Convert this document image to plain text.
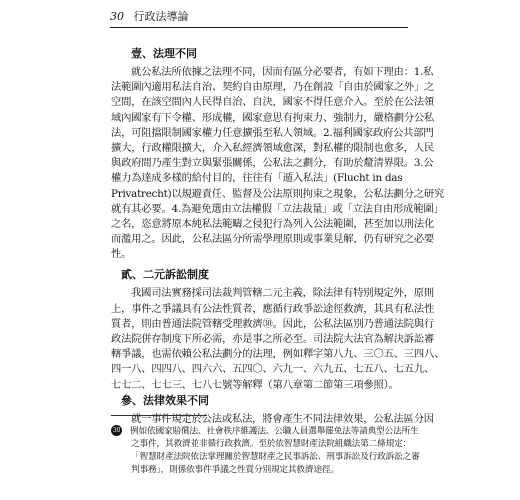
30 行政法導論
壹、法理不同
就公私法所依據之法理不同，因而有區分必要者，有如下理由：1.私
法範圍內適用私法自治、契約自由原理，乃在創設「自由於國家之外」之
空間，在該空間內人民得自治、自決，國家不得任意介入。至於在公法領
域內國家有下令權、形成權，國家意思有拘束力、強制力，嚴格劃分公私
法，可阻擋限制國家權力任意擴張至私人領域。2.福利國家政府公共部門
擴大，行政權限擴大，介入私經濟領域愈深，對私權的限制也愈多，人民
與政府間乃產生對立與緊張關係，公私法之劃分，有助於釐清界限。3.公
權力為達成多樣的給付目的，往往有「遁入私法」(Flucht in das
Privatrecht)以規避責任、監督及公法原則拘束之現象，公私法劃分之研究
就有其必要。4.為避免選由立法權假「立法裁量」或「立法自由形成範圍」
之名，恣意將原本純私法範疇之侵犯行為列入公法範圍，甚至加以刑法化
而濫用之。因此，公私法區分所需學理原則或事業見解，仍有研究之必要
性。
貳、二元訴訟制度
我國司法實務採司法裁判管轄二元主義，除法律有特別規定外，原則
上，事件之爭議具有公法性質者，應循行政爭訟途徑救濟，其具有私法性
質者，則由普通法院管轄受理救濟㉚。因此，公私法區別乃普通法院與行
政法院併存制度下所必需，亦是事之所必至。司法院大法官為解決訴訟審
轄爭議，也需依賴公私法劃分的法理，例如釋字第八九、三〇五、三四八、
四一八、四四八、四六六、五四〇、六九一、六九五、七五八、七五九、
七七二、七七三、七八七號等解釋（第八章第二節第三項參照）。
參、法律效果不同
就一事件規定於公法或私法，將會產生不同法律效果，公私法區分因
30 例如依國家賠償法、社會秩序維護法、公職人員選舉罷免法等請典型公法所生
之事件，其救濟並非循行政救濟。至於依智慧財產法院組織法第二條規定：
「智慧財產法院依法掌理關於智慧財產之民事訴訟、刑事訴訟及行政訴訟之審
判事務」，則係依事件爭議之性質分別規定其救濟途徑。
